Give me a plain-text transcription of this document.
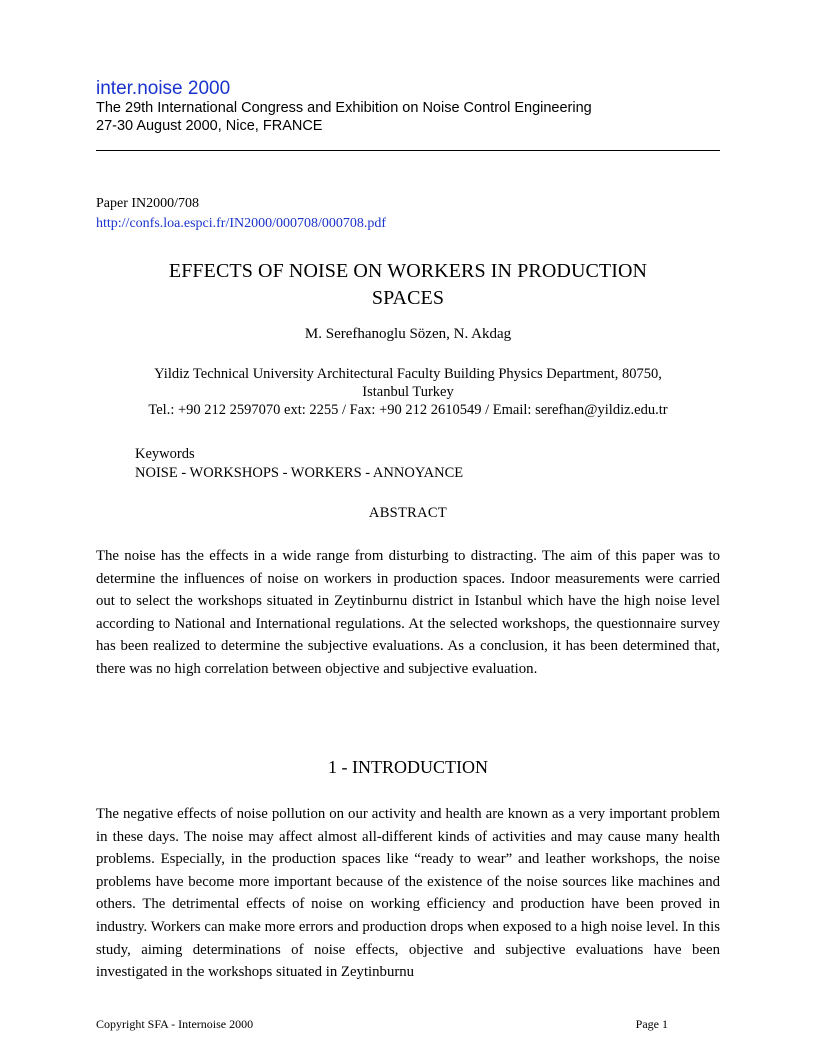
inter.noise 2000
The 29th International Congress and Exhibition on Noise Control Engineering
27-30 August 2000, Nice, FRANCE
Paper IN2000/708
http://confs.loa.espci.fr/IN2000/000708/000708.pdf
EFFECTS OF NOISE ON WORKERS IN PRODUCTION
SPACES
M. Serefhanoglu Sözen, N. Akdag
Yildiz Technical University Architectural Faculty Building Physics Department, 80750,
Istanbul Turkey
Tel.: +90 212 2597070 ext: 2255 / Fax: +90 212 2610549 / Email: serefhan@yildiz.edu.tr
Keywords
NOISE - WORKSHOPS - WORKERS - ANNOYANCE
ABSTRACT
The noise has the effects in a wide range from disturbing to distracting. The aim of this paper was to determine the influences of noise on workers in production spaces. Indoor measurements were carried out to select the workshops situated in Zeytinburnu district in Istanbul which have the high noise level according to National and International regulations. At the selected workshops, the questionnaire survey has been realized to determine the subjective evaluations. As a conclusion, it has been determined that, there was no high correlation between objective and subjective evaluation.
1 - INTRODUCTION
The negative effects of noise pollution on our activity and health are known as a very important problem in these days. The noise may affect almost all-different kinds of activities and may cause many health problems. Especially, in the production spaces like “ready to wear” and leather workshops, the noise problems have become more important because of the existence of the noise sources like machines and others. The detrimental effects of noise on working efficiency and production have been proved in industry. Workers can make more errors and production drops when exposed to a high noise level. In this study, aiming determinations of noise effects, objective and subjective evaluations have been investigated in the workshops situated in Zeytinburnu
Copyright SFA - Internoise 2000	Page 1
